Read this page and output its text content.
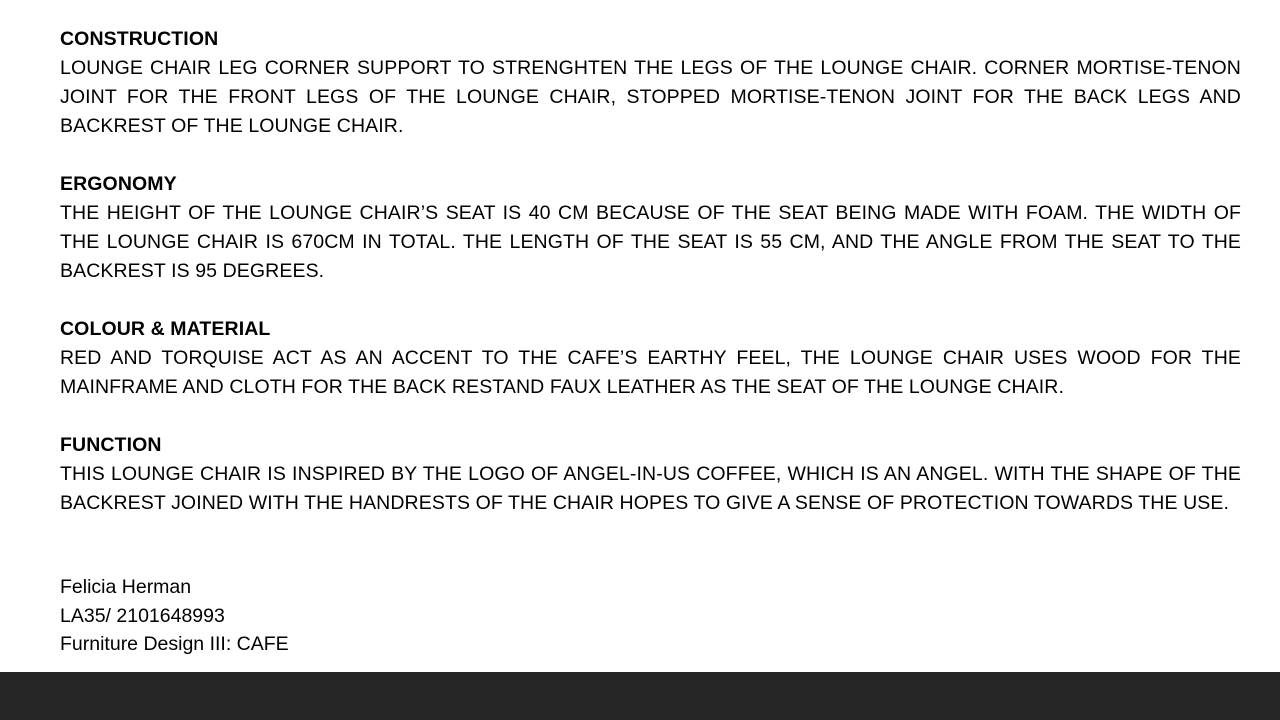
CONSTRUCTION

LOUNGE CHAIR LEG CORNER SUPPORT TO STRENGHTEN THE LEGS OF THE LOUNGE CHAIR. CORNER MORTISE-TENON JOINT FOR THE FRONT LEGS OF THE LOUNGE CHAIR, STOPPED MORTISE-TENON JOINT FOR THE BACK LEGS AND BACKREST OF THE LOUNGE CHAIR.

ERGONOMY

THE HEIGHT OF THE LOUNGE CHAIR’S SEAT IS 40 CM BECAUSE OF THE SEAT BEING MADE WITH FOAM. THE WIDTH OF THE LOUNGE CHAIR IS 670CM IN TOTAL. THE LENGTH OF THE SEAT IS 55 CM, AND THE ANGLE FROM THE SEAT TO THE BACKREST IS 95 DEGREES.

COLOUR & MATERIAL

RED AND TORQUISE ACT AS AN ACCENT TO THE CAFE’S EARTHY FEEL, THE LOUNGE CHAIR USES WOOD FOR THE MAINFRAME AND CLOTH FOR THE BACK RESTAND FAUX LEATHER AS THE SEAT OF THE LOUNGE CHAIR.

FUNCTION

THIS LOUNGE CHAIR IS INSPIRED BY THE LOGO OF ANGEL-IN-US COFFEE, WHICH IS AN ANGEL. WITH THE SHAPE OF THE BACKREST JOINED WITH THE HANDRESTS OF THE CHAIR HOPES TO GIVE A SENSE OF PROTECTION TOWARDS THE USE.

Felicia Herman
LA35/ 2101648993
Furniture Design III: CAFE
